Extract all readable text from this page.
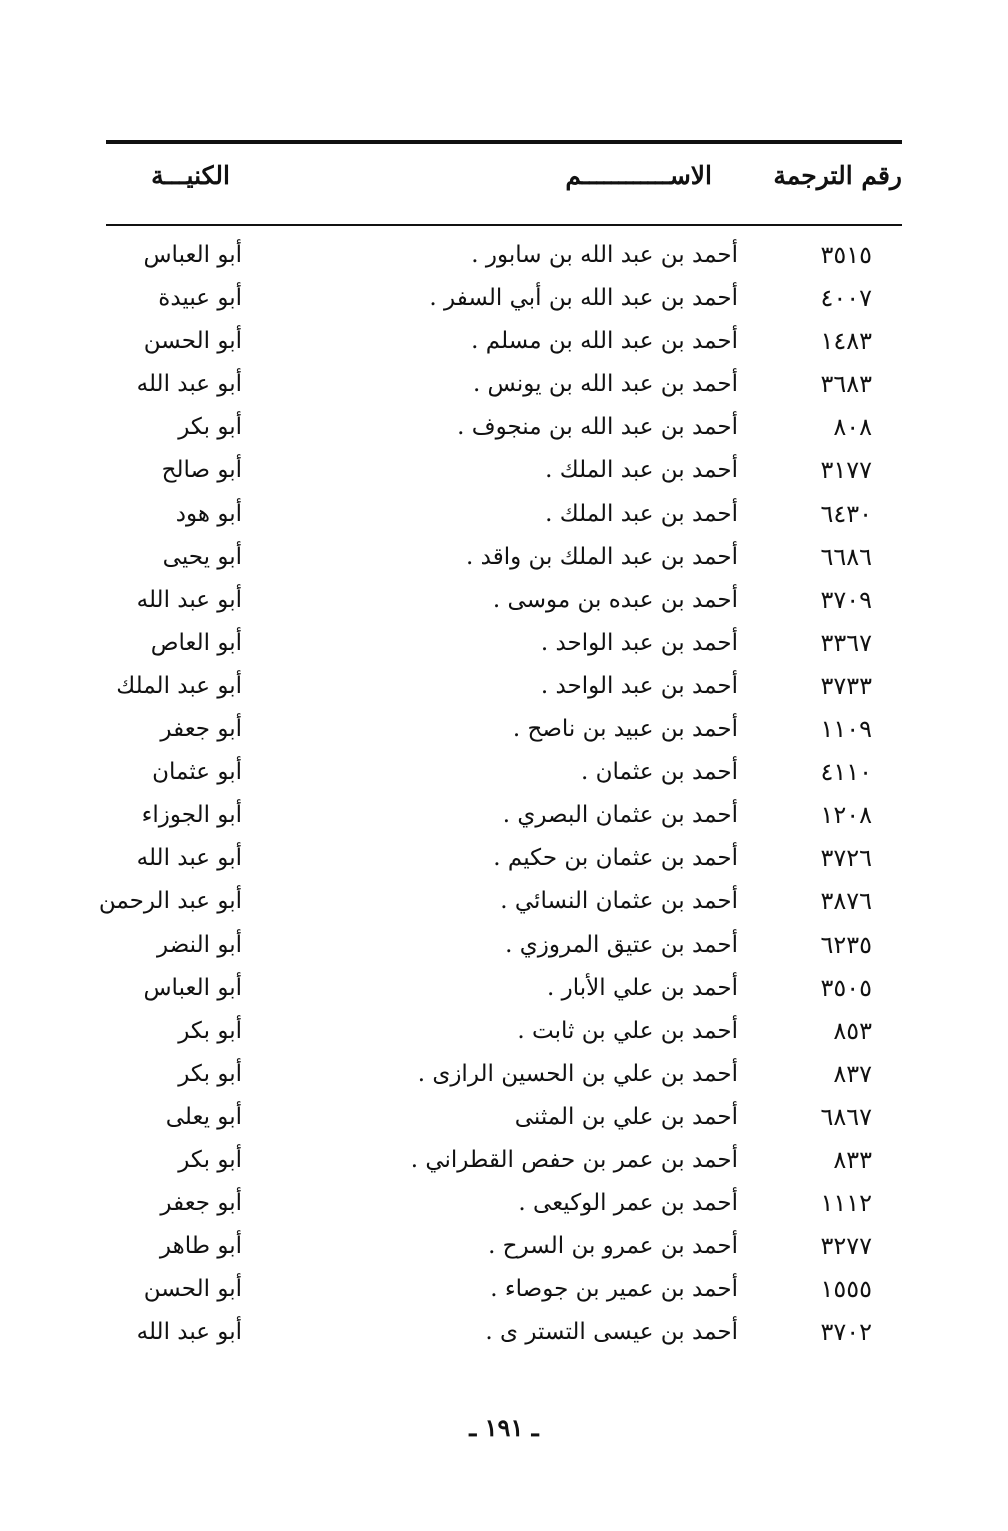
رقم الترجمة
الاســــــــــــم
الكنيـــة
٣٥١٥
أحمد بن عبد الله بن سابور .
أبو العباس
٤٠٠٧
أحمد بن عبد الله بن أبي السفر .
أبو عبيدة
١٤٨٣
أحمد بن عبد الله بن مسلم .
أبو الحسن
٣٦٨٣
أحمد بن عبد الله بن يونس .
أبو عبد الله
٨٠٨
أحمد بن عبد الله بن منجوف .
أبو بكر
٣١٧٧
أحمد بن عبد الملك .
أبو صالح
٦٤٣٠
أحمد بن عبد الملك .
أبو هود
٦٦٨٦
أحمد بن عبد الملك بن واقد .
أبو يحيى
٣٧٠٩
أحمد بن عبده بن موسى .
أبو عبد الله
٣٣٦٧
أحمد بن عبد الواحد .
أبو العاص
٣٧٣٣
أحمد بن عبد الواحد .
أبو عبد الملك
١١٠٩
أحمد بن عبيد بن ناصح .
أبو جعفر
٤١١٠
أحمد بن عثمان .
أبو عثمان
١٢٠٨
أحمد بن عثمان البصري .
أبو الجوزاء
٣٧٢٦
أحمد بن عثمان بن حكيم .
أبو عبد الله
٣٨٧٦
أحمد بن عثمان النسائي .
أبو عبد الرحمن
٦٢٣٥
أحمد بن عتيق المروزي .
أبو النضر
٣٥٠٥
أحمد بن علي الأبار .
أبو العباس
٨٥٣
أحمد بن علي بن ثابت .
أبو بكر
٨٣٧
أحمد بن علي بن الحسين الرازى .
أبو بكر
٦٨٦٧
أحمد بن علي بن المثنى
أبو يعلى
٨٣٣
أحمد بن عمر بن حفص القطراني .
أبو بكر
١١١٢
أحمد بن عمر الوكيعى .
أبو جعفر
٣٢٧٧
أحمد بن عمرو بن السرح .
أبو طاهر
١٥٥٥
أحمد بن عمير بن جوصاء .
أبو الحسن
٣٧٠٢
أحمد بن عيسى التستر ى .
أبو عبد الله
ـ ١٩١ ـ
